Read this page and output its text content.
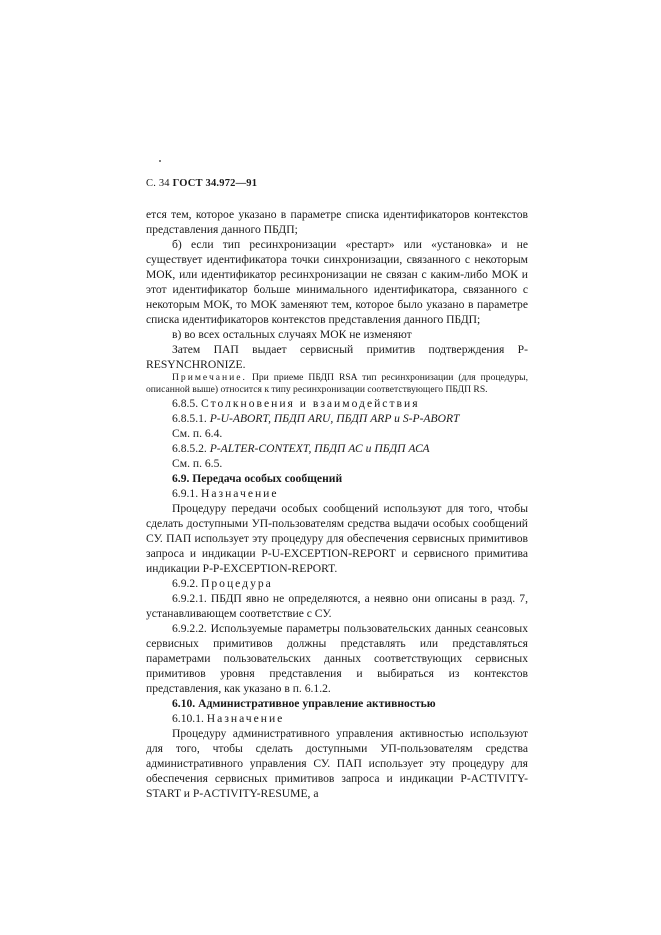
С. 34 ГОСТ 34.972—91

ется тем, которое указано в параметре списка идентификаторов контекстов представления данного ПБДП;

б) если тип ресинхронизации «рестарт» или «установка» и не существует идентификатора точки синхронизации, связанного с некоторым МОК, или идентификатор ресинхронизации не связан с каким-либо МОК и этот идентификатор больше минимального идентификатора, связанного с некоторым МОК, то МОК заменяют тем, которое было указано в параметре списка идентификаторов контекстов представления данного ПБДП;

в) во всех остальных случаях МОК не изменяют

Затем ПАП выдает сервисный примитив подтверждения P-RESYNCHRONIZE.

Примечание. При приеме ПБДП RSA тип ресинхронизации (для процедуры, описанной выше) относится к типу ресинхронизации соответствующего ПБДП RS.

6.8.5. Столкновения и взаимодействия

6.8.5.1. P-U-ABORT, ПБДП ARU, ПБДП ARP и S-P-ABORT

См. п. 6.4.

6.8.5.2. P-ALTER-CONTEXT, ПБДП АС и ПБДП АСА

См. п. 6.5.

6.9. Передача особых сообщений

6.9.1. Назначение

Процедуру передачи особых сообщений используют для того, чтобы сделать доступными УП-пользователям средства выдачи особых сообщений СУ. ПАП использует эту процедуру для обеспечения сервисных примитивов запроса и индикации P-U-EXCEPTION-REPORT и сервисного примитива индикации P-P-EXCEPTION-REPORT.

6.9.2. Процедура

6.9.2.1. ПБДП явно не определяются, а неявно они описаны в разд. 7, устанавливающем соответствие с СУ.

6.9.2.2. Используемые параметры пользовательских данных сеансовых сервисных примитивов должны представлять или представляться параметрами пользовательских данных соответствующих сервисных примитивов уровня представления и выбираться из контекстов представления, как указано в п. 6.1.2.

6.10. Административное управление активностью

6.10.1. Назначение

Процедуру административного управления активностью используют для того, чтобы сделать доступными УП-пользователям средства административного управления СУ. ПАП использует эту процедуру для обеспечения сервисных примитивов запроса и индикации P-ACTIVITY-START и P-ACTIVITY-RESUME, а
